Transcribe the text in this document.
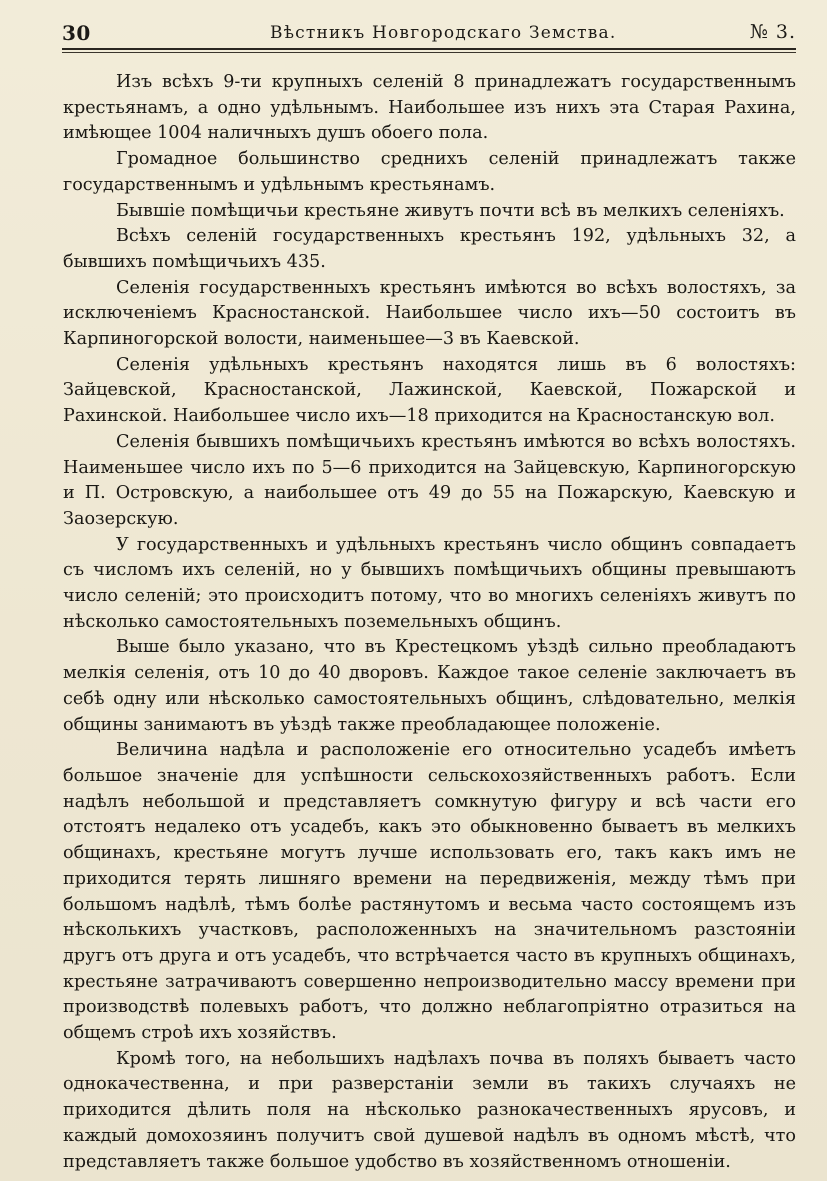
30	Вѣстникъ Новгородскаго Земства.	№ 3.

Изъ всѣхъ 9-ти крупныхъ селеній 8 принадлежатъ государственнымъ крестьянамъ, а одно удѣльнымъ. Наибольшее изъ нихъ эта Старая Рахина, имѣющее 1004 наличныхъ душъ обоего пола.

Громадное большинство среднихъ селеній принадлежатъ также государственнымъ и удѣльнымъ крестьянамъ.

Бывшіе помѣщичьи крестьяне живутъ почти всѣ въ мелкихъ селеніяхъ.

Всѣхъ селеній государственныхъ крестьянъ 192, удѣльныхъ 32, а бывшихъ помѣщичьихъ 435.

Селенія государственныхъ крестьянъ имѣются во всѣхъ волостяхъ, за исключеніемъ Красностанской. Наибольшее число ихъ—50 состоитъ въ Карпиногорской волости, наименьшее—3 въ Каевской.

Селенія удѣльныхъ крестьянъ находятся лишь въ 6 волостяхъ: Зайцевской, Красностанской, Лажинской, Каевской, Пожарской и Рахинской. Наибольшее число ихъ—18 приходится на Красностанскую вол.

Селенія бывшихъ помѣщичьихъ крестьянъ имѣются во всѣхъ волостяхъ. Наименьшее число ихъ по 5—6 приходится на Зайцевскую, Карпиногорскую и П. Островскую, а наибольшее отъ 49 до 55 на Пожарскую, Каевскую и Заозерскую.

У государственныхъ и удѣльныхъ крестьянъ число общинъ совпадаетъ съ числомъ ихъ селеній, но у бывшихъ помѣщичьихъ общины превышаютъ число селеній; это происходитъ потому, что во многихъ селеніяхъ живутъ по нѣсколько самостоятельныхъ поземельныхъ общинъ.

Выше было указано, что въ Крестецкомъ уѣздѣ сильно преобладаютъ мелкія селенія, отъ 10 до 40 дворовъ. Каждое такое селеніе заключаетъ въ себѣ одну или нѣсколько самостоятельныхъ общинъ, слѣдовательно, мелкія общины занимаютъ въ уѣздѣ также преобладающее положеніе.

Величина надѣла и расположеніе его относительно усадебъ имѣетъ большое значеніе для успѣшности сельскохозяйственныхъ работъ. Если надѣлъ небольшой и представляетъ сомкнутую фигуру и всѣ части его отстоятъ недалеко отъ усадебъ, какъ это обыкновенно бываетъ въ мелкихъ общинахъ, крестьяне могутъ лучше использовать его, такъ какъ имъ не приходится терять лишняго времени на передвиженія, между тѣмъ при большомъ надѣлѣ, тѣмъ болѣе растянутомъ и весьма часто состоящемъ изъ нѣсколькихъ участковъ, расположенныхъ на значительномъ разстояніи другъ отъ друга и отъ усадебъ, что встрѣчается часто въ крупныхъ общинахъ, крестьяне затрачиваютъ совершенно непроизводительно массу времени при производствѣ полевыхъ работъ, что должно неблагопріятно отразиться на общемъ строѣ ихъ хозяйствъ.

Кромѣ того, на небольшихъ надѣлахъ почва въ поляхъ бываетъ часто однокачественна, и при разверстаніи земли въ такихъ случаяхъ не приходится дѣлить поля на нѣсколько разнокачественныхъ ярусовъ, и каждый домохозяинъ получитъ свой душевой надѣлъ въ одномъ мѣстѣ, что представляетъ также большое удобство въ хозяйственномъ отношеніи.
